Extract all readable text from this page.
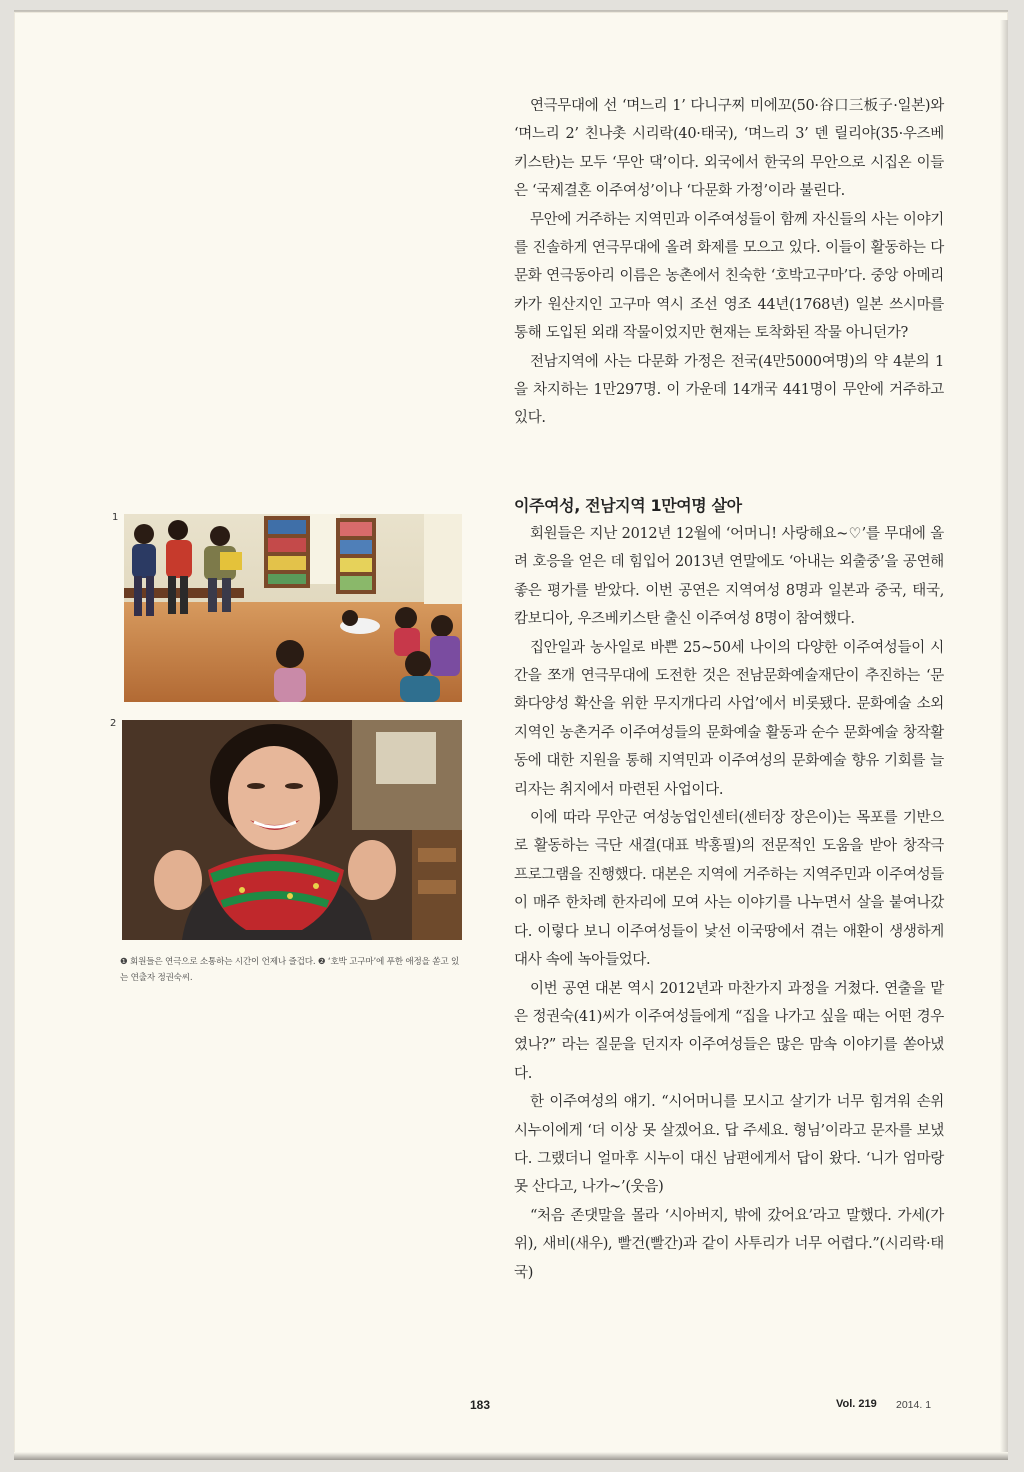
연극무대에 선 ‘며느리 1’ 다니구찌 미에꼬(50·谷口三板子·일본)와 ‘며느리 2’ 친나촛 시리락(40·태국), ‘며느리 3’ 덴 릴리야(35·우즈베키스탄)는 모두 ‘무안 댁’이다. 외국에서 한국의 무안으로 시집온 이들은 ‘국제결혼 이주여성’이나 ‘다문화 가정’이라 불린다.

무안에 거주하는 지역민과 이주여성들이 함께 자신들의 사는 이야기를 진솔하게 연극무대에 올려 화제를 모으고 있다. 이들이 활동하는 다문화 연극동아리 이름은 농촌에서 친숙한 ‘호박고구마’다. 중앙 아메리카가 원산지인 고구마 역시 조선 영조 44년(1768년) 일본 쓰시마를 통해 도입된 외래 작물이었지만 현재는 토착화된 작물 아니던가?

전남지역에 사는 다문화 가정은 전국(4만5000여명)의 약 4분의 1을 차지하는 1만297명. 이 가운데 14개국 441명이 무안에 거주하고 있다.

이주여성, 전남지역 1만여명 살아

회원들은 지난 2012년 12월에 ‘어머니! 사랑해요~♡’를 무대에 올려 호응을 얻은 데 힘입어 2013년 연말에도 ‘아내는 외출중’을 공연해 좋은 평가를 받았다. 이번 공연은 지역여성 8명과 일본과 중국, 태국, 캄보디아, 우즈베키스탄 출신 이주여성 8명이 참여했다.

집안일과 농사일로 바쁜 25~50세 나이의 다양한 이주여성들이 시간을 쪼개 연극무대에 도전한 것은 전남문화예술재단이 추진하는 ‘문화다양성 확산을 위한 무지개다리 사업’에서 비롯됐다. 문화예술 소외지역인 농촌거주 이주여성들의 문화예술 활동과 순수 문화예술 창작활동에 대한 지원을 통해 지역민과 이주여성의 문화예술 향유 기회를 늘리자는 취지에서 마련된 사업이다.

이에 따라 무안군 여성농업인센터(센터장 장은이)는 목포를 기반으로 활동하는 극단 새결(대표 박홍필)의 전문적인 도움을 받아 창작극 프로그램을 진행했다. 대본은 지역에 거주하는 지역주민과 이주여성들이 매주 한차례 한자리에 모여 사는 이야기를 나누면서 살을 붙여나갔다. 이렇다 보니 이주여성들이 낯선 이국땅에서 겪는 애환이 생생하게 대사 속에 녹아들었다.

이번 공연 대본 역시 2012년과 마찬가지 과정을 거쳤다. 연출을 맡은 정권숙(41)씨가 이주여성들에게 “집을 나가고 싶을 때는 어떤 경우였나?” 라는 질문을 던지자 이주여성들은 많은 맘속 이야기를 쏟아냈다.

한 이주여성의 얘기. “시어머니를 모시고 살기가 너무 힘겨워 손위 시누이에게 ‘더 이상 못 살겠어요. 답 주세요. 형님’이라고 문자를 보냈다. 그랬더니 얼마후 시누이 대신 남편에게서 답이 왔다. ‘니가 엄마랑 못 산다고, 나가~’(웃음)

“처음 존댓말을 몰라 ‘시아버지, 밖에 갔어요’라고 말했다. 가세(가위), 새비(새우), 빨건(빨간)과 같이 사투리가 너무 어렵다.”(시리락·태국)

1
2
❶ 회원들은 연극으로 소통하는 시간이 언제나 즐겁다. ❷ ‘호박 고구마’에 푸한 애정을 쏟고 있는 연출자 정권숙씨.
183	Vol. 219 2014. 1
